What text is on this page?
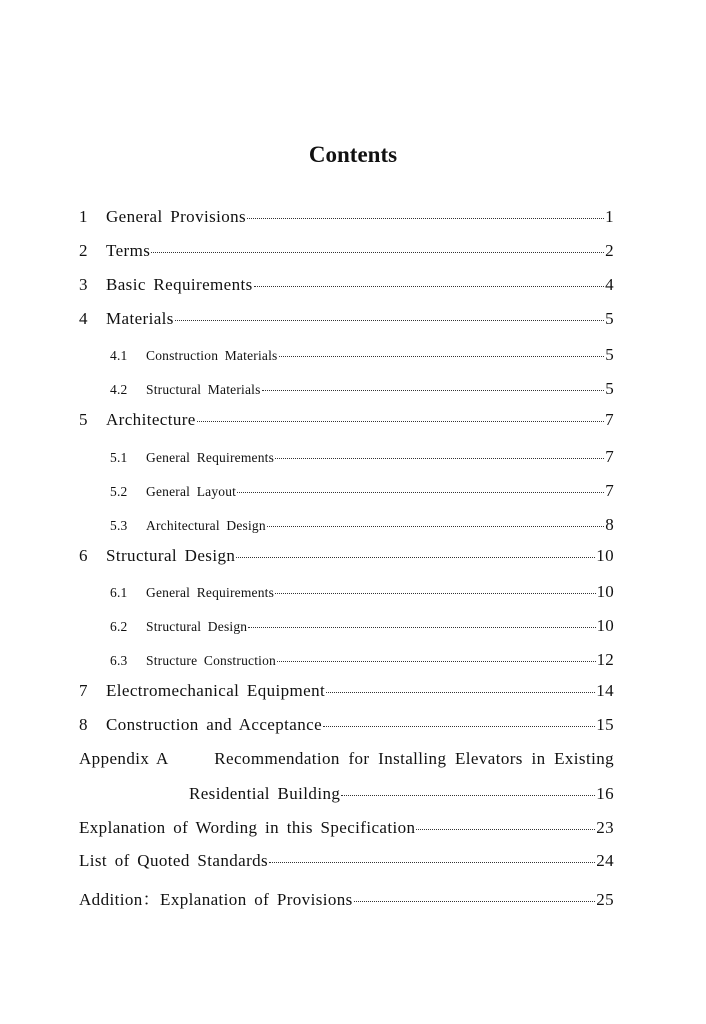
Contents
1	General Provisions	1
2	Terms	2
3	Basic Requirements	4
4	Materials	5
4.1	Construction Materials	5
4.2	Structural Materials	5
5	Architecture	7
5.1	General Requirements	7
5.2	General Layout	7
5.3	Architectural Design	8
6	Structural Design	10
6.1	General Requirements	10
6.2	Structural Design	10
6.3	Structure Construction	12
7	Electromechanical Equipment	14
8	Construction and Acceptance	15
Appendix A	Recommendation for Installing Elevators in Existing
Residential Building	16
Explanation of Wording in this Specification	23
List of Quoted Standards	24
Addition：Explanation of Provisions	25
